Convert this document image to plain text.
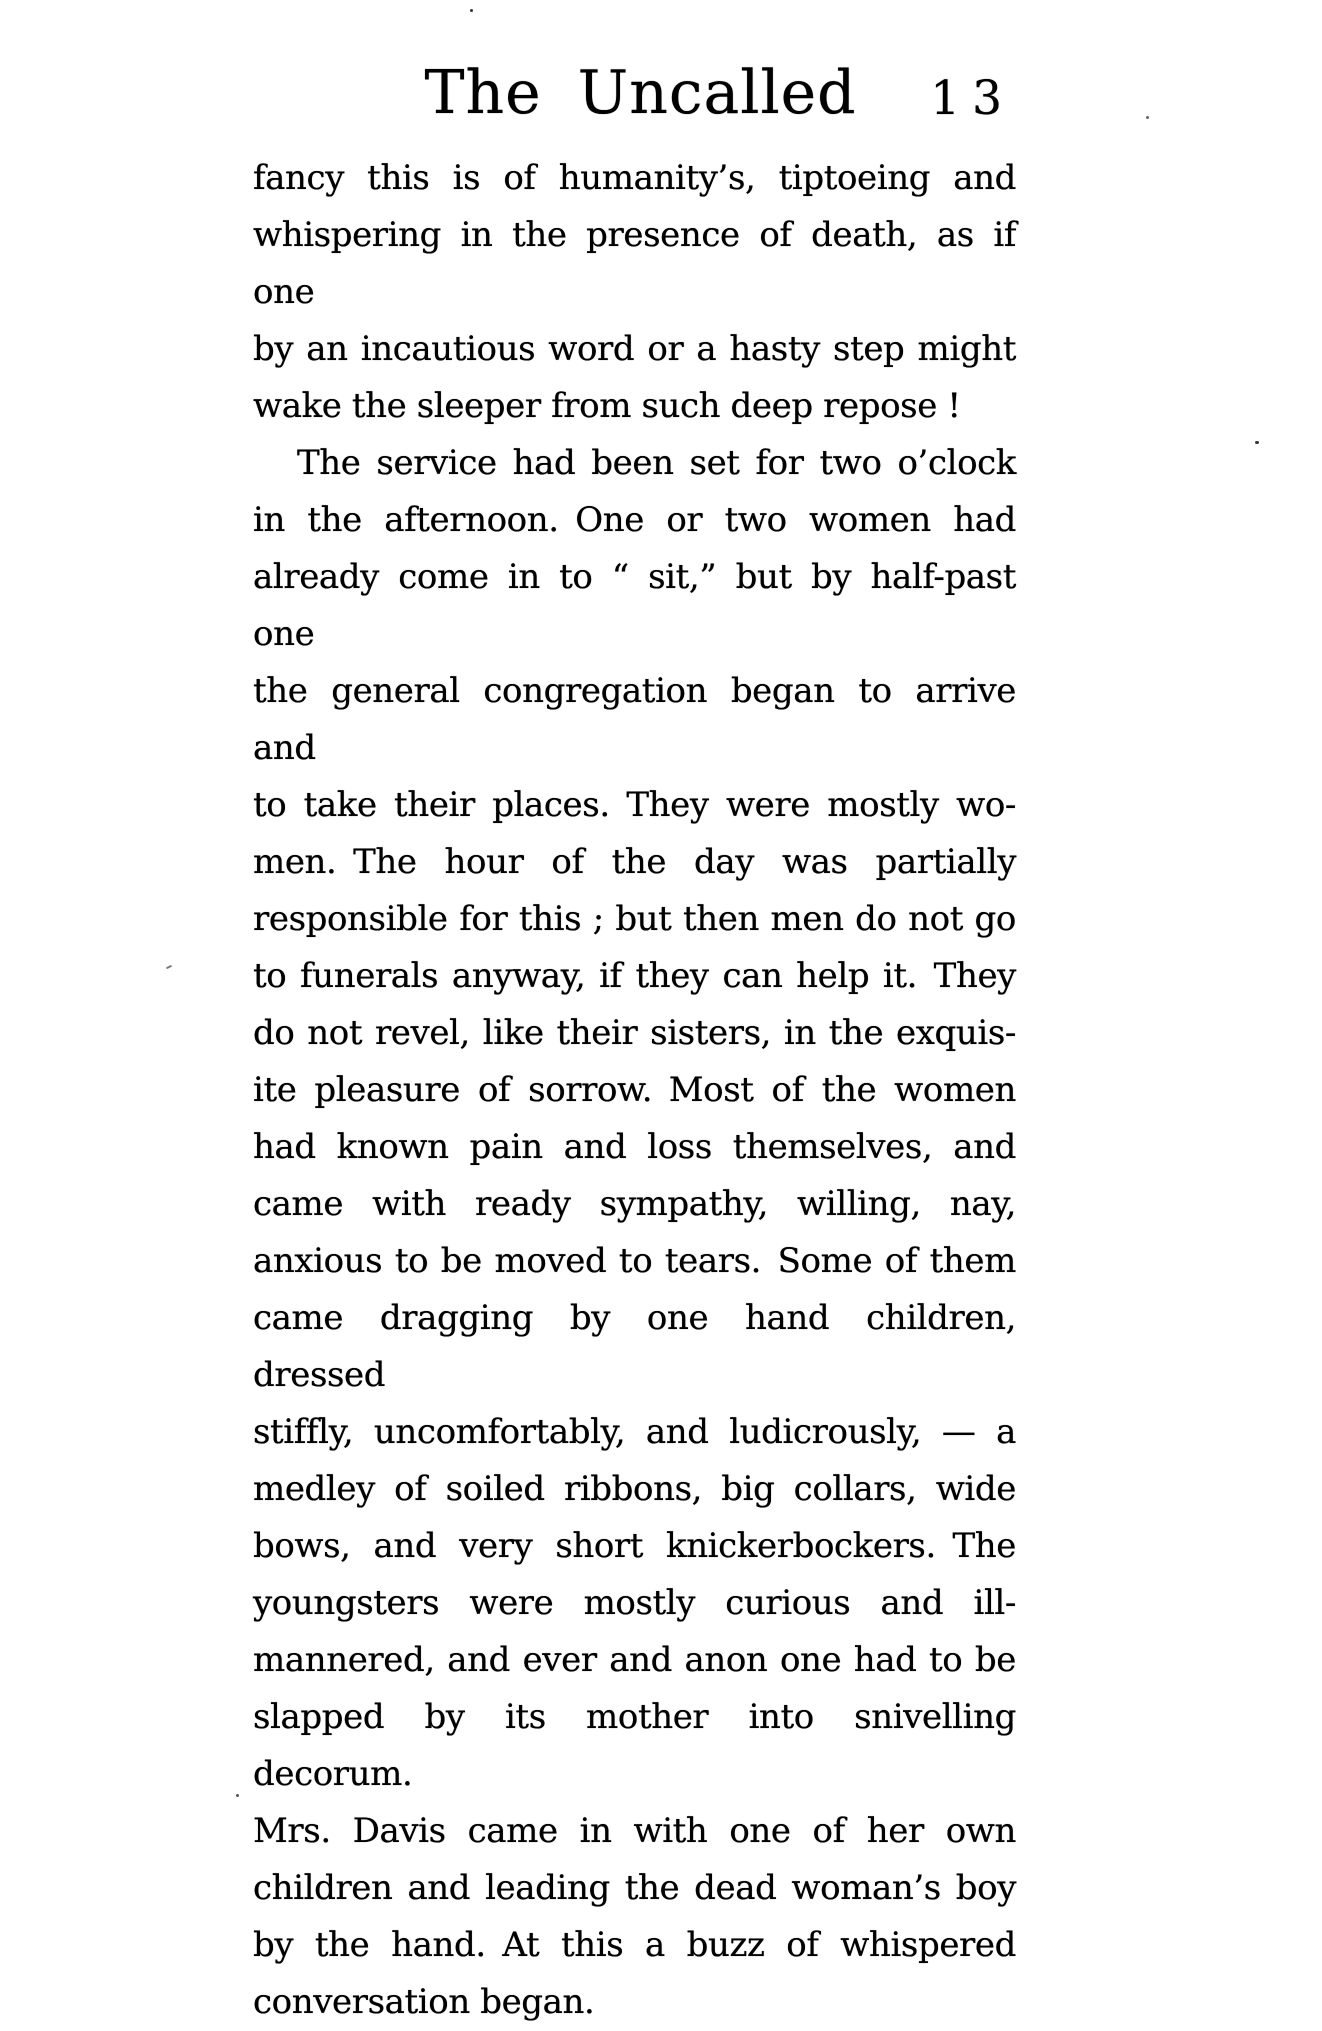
The Uncalled	13
fancy this is of humanity’s, tiptoeing and
whispering in the presence of death, as if one
by an incautious word or a hasty step might
wake the sleeper from such deep repose !
The service had been set for two o’clock
in the afternoon. One or two women had
already come in to “ sit,” but by half-past one
the general congregation began to arrive and
to take their places. They were mostly wo-
men. The hour of the day was partially
responsible for this ; but then men do not go
to funerals anyway, if they can help it. They
do not revel, like their sisters, in the exquis-
ite pleasure of sorrow. Most of the women
had known pain and loss themselves, and
came with ready sympathy, willing, nay,
anxious to be moved to tears. Some of them
came dragging by one hand children, dressed
stiffly, uncomfortably, and ludicrously, — a
medley of soiled ribbons, big collars, wide
bows, and very short knickerbockers. The
youngsters were mostly curious and ill-
mannered, and ever and anon one had to be
slapped by its mother into snivelling decorum.
Mrs. Davis came in with one of her own
children and leading the dead woman’s boy
by the hand. At this a buzz of whispered
conversation began.
